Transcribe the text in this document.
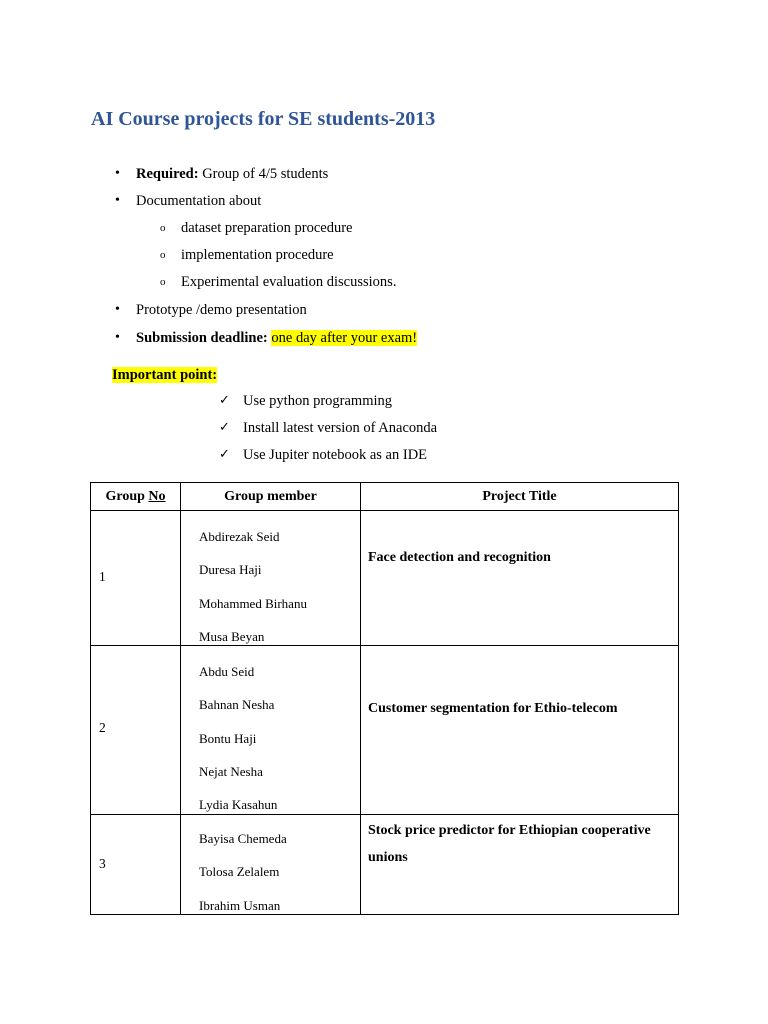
AI Course projects for SE students-2013
• Required: Group of 4/5 students
• Documentation about
o dataset preparation procedure
o implementation procedure
o Experimental evaluation discussions.
• Prototype /demo presentation
• Submission deadline: one day after your exam!
Important point:
✓ Use python programming
✓ Install latest version of Anaconda
✓ Use Jupiter notebook as an IDE
Group No	Group member	Project Title

1	Abdirezak Seid
Duresa Haji
Mohammed Birhanu
Musa Beyan	Face detection and recognition

2	Abdu Seid
Bahnan Nesha
Bontu Haji
Nejat Nesha
Lydia Kasahun	Customer segmentation for Ethio-telecom

3	Bayisa Chemeda
Tolosa Zelalem
Ibrahim Usman	Stock price predictor for Ethiopian cooperative unions
